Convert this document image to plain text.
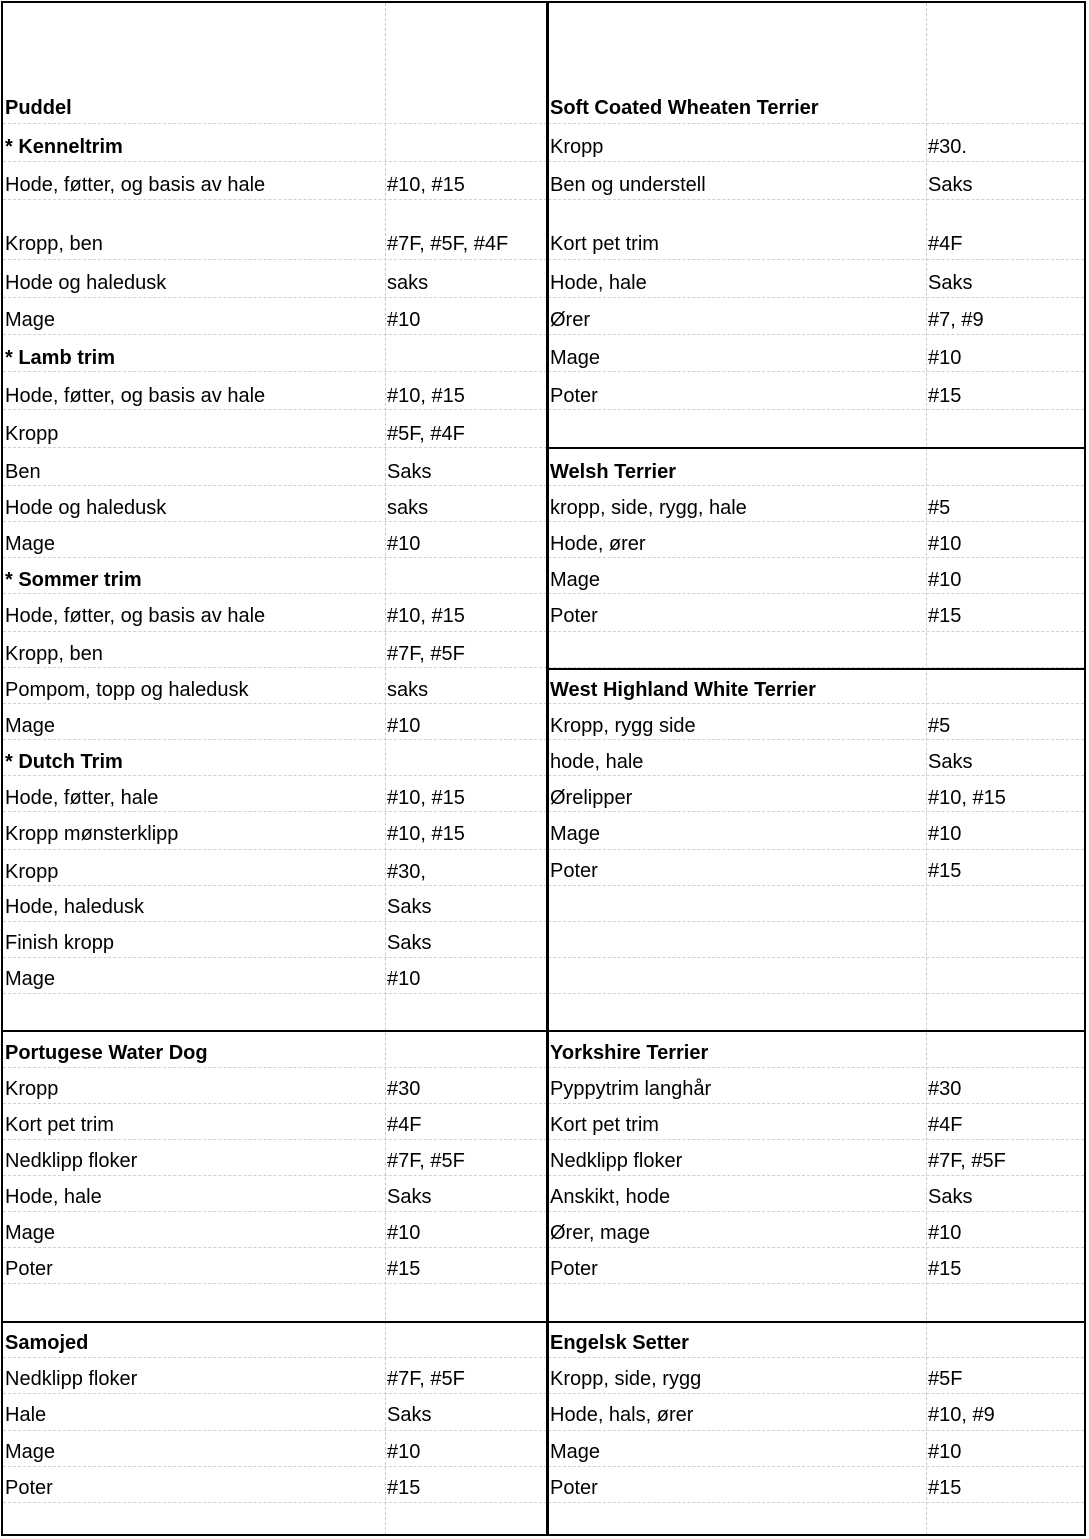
Puddel
* Kenneltrim
Hode, føtter, og basis av hale	#10, #15
Kropp, ben	#7F, #5F, #4F
Hode og haledusk	saks
Mage	#10
* Lamb trim
Hode, føtter, og basis av hale	#10, #15
Kropp	#5F, #4F
Ben	Saks
Hode og haledusk	saks
Mage	#10
* Sommer trim
Hode, føtter, og basis av hale	#10, #15
Kropp, ben	#7F, #5F
Pompom, topp og haledusk	saks
Mage	#10
* Dutch Trim
Hode, føtter, hale	#10, #15
Kropp mønsterklipp	#10, #15
Kropp	#30,
Hode, haledusk	Saks
Finish kropp	Saks
Mage	#10
Soft Coated Wheaten Terrier
Kropp	#30.
Ben og understell	Saks
Kort pet trim	#4F
Hode, hale	Saks
Ører	#7, #9
Mage	#10
Poter	#15
Welsh Terrier
kropp, side, rygg, hale	#5
Hode, ører	#10
Mage	#10
Poter	#15
West Highland White Terrier
Kropp, rygg side	#5
hode, hale	Saks
Ørelipper	#10, #15
Mage	#10
Poter	#15
Portugese Water Dog
Kropp	#30
Kort pet trim	#4F
Nedklipp floker	#7F, #5F
Hode, hale	Saks
Mage	#10
Poter	#15
Yorkshire Terrier
Pyppytrim langhår	#30
Kort pet trim	#4F
Nedklipp floker	#7F, #5F
Anskikt, hode	Saks
Ører, mage	#10
Poter	#15
Samojed
Nedklipp floker	#7F, #5F
Hale	Saks
Mage	#10
Poter	#15
Engelsk Setter
Kropp, side, rygg	#5F
Hode, hals, ører	#10, #9
Mage	#10
Poter	#15
